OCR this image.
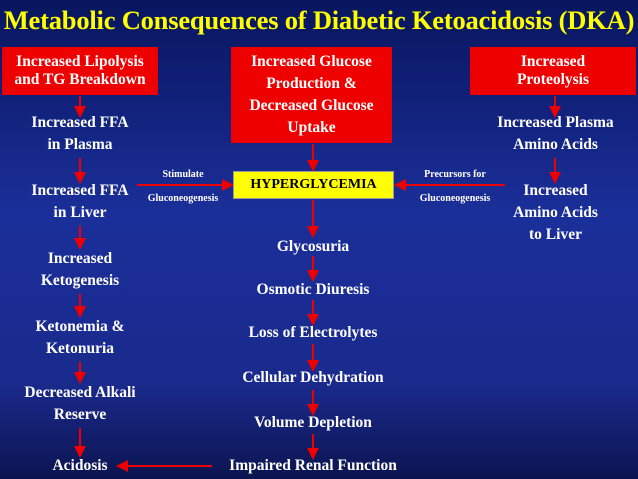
Metabolic Consequences of Diabetic Ketoacidosis (DKA)
Increased Lipolysis
and TG Breakdown
Increased Glucose
Production &
Decreased Glucose
Uptake
Increased
Proteolysis
HYPERGLYCEMIA
Increased FFA
in Plasma
Increased FFA
in Liver
Increased
Ketogenesis
Ketonemia &
Ketonuria
Decreased Alkali
Reserve
Acidosis
Glycosuria
Osmotic Diuresis
Loss of Electrolytes
Cellular Dehydration
Volume Depletion
Impaired Renal Function
Increased Plasma
Amino Acids
Increased
Amino Acids
to Liver
Stimulate
Gluconeogenesis
Precursors for
Gluconeogenesis
